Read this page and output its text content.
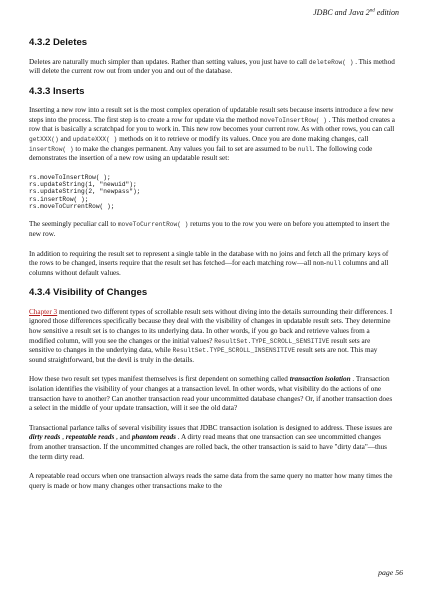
JDBC and Java 2nd edition
4.3.2 Deletes

Deletes are naturally much simpler than updates. Rather than setting values, you just have to call deleteRow( ) . This method will delete the current row out from under you and out of the database.

4.3.3 Inserts

Inserting a new row into a result set is the most complex operation of updatable result sets because inserts introduce a few new steps into the process. The first step is to create a row for update via the method moveToInsertRow( ) . This method creates a row that is basically a scratchpad for you to work in. This new row becomes your current row. As with other rows, you can call getXXX() and updateXXX( ) methods on it to retrieve or modify its values. Once you are done making changes, call insertRow( ) to make the changes permanent. Any values you fail to set are assumed to be null. The following code demonstrates the insertion of a new row using an updatable result set:

rs.moveToInsertRow( );
rs.updateString(1, "newuid");
rs.updateString(2, "newpass");
rs.insertRow( );
rs.moveToCurrentRow( );

The seemingly peculiar call to moveToCurrentRow( ) returns you to the row you were on before you attempted to insert the new row.

In addition to requiring the result set to represent a single table in the database with no joins and fetch all the primary keys of the rows to be changed, inserts require that the result set has fetched—for each matching row—all non-null columns and all columns without default values.

4.3.4 Visibility of Changes

Chapter 3 mentioned two different types of scrollable result sets without diving into the details surrounding their differences. I ignored those differences specifically because they deal with the visibility of changes in updatable result sets. They determine how sensitive a result set is to changes to its underlying data. In other words, if you go back and retrieve values from a modified column, will you see the changes or the initial values? ResultSet.TYPE_SCROLL_SENSITIVE result sets are sensitive to changes in the underlying data, while ResultSet.TYPE_SCROLL_INSENSITIVE result sets are not. This may sound straightforward, but the devil is truly in the details.

How these two result set types manifest themselves is first dependent on something called transaction isolation . Transaction isolation identifies the visibility of your changes at a transaction level. In other words, what visibility do the actions of one transaction have to another? Can another transaction read your uncommitted database changes? Or, if another transaction does a select in the middle of your update transaction, will it see the old data?

Transactional parlance talks of several visibility issues that JDBC transaction isolation is designed to address. These issues are dirty reads , repeatable reads , and phantom reads . A dirty read means that one transaction can see uncommitted changes from another transaction. If the uncommitted changes are rolled back, the other transaction is said to have "dirty data"—thus the term dirty read.

A repeatable read occurs when one transaction always reads the same data from the same query no matter how many times the query is made or how many changes other transactions make to the

page 56
